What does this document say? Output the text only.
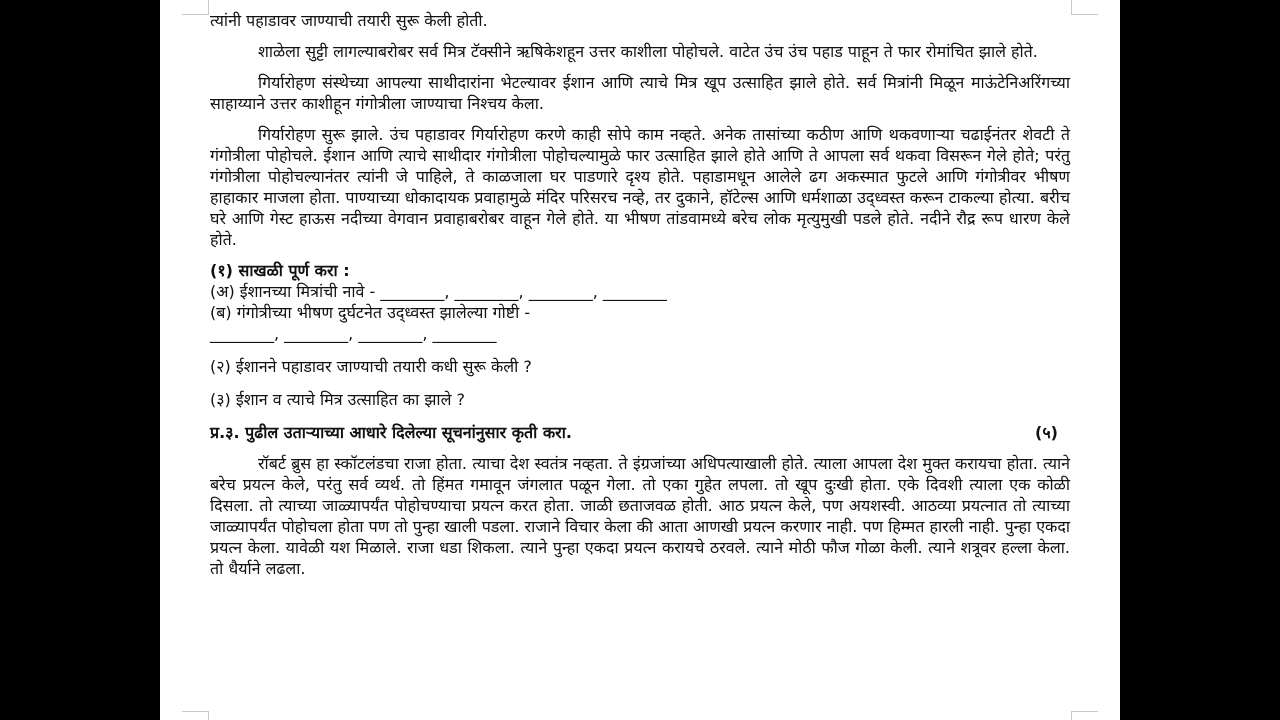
त्यांनी पहाडावर जाण्याची तयारी सुरू केली होती.

शाळेला सुट्टी लागल्याबरोबर सर्व मित्र टॅक्सीने ऋषिकेशहून उत्तर काशीला पोहोचले. वाटेत उंच उंच पहाड पाहून ते फार रोमांचित झाले होते.

गिर्यारोहण संस्थेच्या आपल्या साथीदारांना भेटल्यावर ईशान आणि त्याचे मित्र खूप उत्साहित झाले होते. सर्व मित्रांनी मिळून माऊंटेनिअरिंगच्या साहाय्याने उत्तर काशीहून गंगोत्रीला जाण्याचा निश्चय केला.

गिर्यारोहण सुरू झाले. उंच पहाडावर गिर्यारोहण करणे काही सोपे काम नव्हते. अनेक तासांच्या कठीण आणि थकवणाऱ्या चढाईनंतर शेवटी ते गंगोत्रीला पोहोचले. ईशान आणि त्याचे साथीदार गंगोत्रीला पोहोचल्यामुळे फार उत्साहित झाले होते आणि ते आपला सर्व थकवा विसरून गेले होते; परंतु गंगोत्रीला पोहोचल्यानंतर त्यांनी जे पाहिले, ते काळजाला घर पाडणारे दृश्य होते. पहाडामधून आलेले ढग अकस्मात फुटले आणि गंगोत्रीवर भीषण हाहाकार माजला होता. पाण्याच्या धोकादायक प्रवाहामुळे मंदिर परिसरच नव्हे, तर दुकाने, हॉटेल्स आणि धर्मशाळा उद्ध्वस्त करून टाकल्या होत्या. बरीच घरे आणि गेस्ट हाऊस नदीच्या वेगवान प्रवाहाबरोबर वाहून गेले होते. या भीषण तांडवामध्ये बरेच लोक मृत्युमुखी पडले होते. नदीने रौद्र रूप धारण केले होते.

(१) साखळी पूर्ण करा :

(अ) ईशानच्या मित्रांची नावे - ________, ________, ________, ________

(ब) गंगोत्रीच्या भीषण दुर्घटनेत उद्ध्वस्त झालेल्या गोष्टी -

________, ________, ________, ________

(२) ईशानने पहाडावर जाण्याची तयारी कधी सुरू केली ?

(३) ईशान व त्याचे मित्र उत्साहित का झाले ?

प्र.३. पुढील उताऱ्याच्या आधारे दिलेल्या सूचनांनुसार कृती करा.	(५)

रॉबर्ट ब्रुस हा स्कॉटलंडचा राजा होता. त्याचा देश स्वतंत्र नव्हता. ते इंग्रजांच्या अधिपत्याखाली होते. त्याला आपला देश मुक्त करायचा होता. त्याने बरेच प्रयत्न केले, परंतु सर्व व्यर्थ. तो हिंमत गमावून जंगलात पळून गेला. तो एका गुहेत लपला. तो खूप दुःखी होता. एके दिवशी त्याला एक कोळी दिसला. तो त्याच्या जाळ्यापर्यंत पोहोचण्याचा प्रयत्न करत होता. जाळी छताजवळ होती. आठ प्रयत्न केले, पण अयशस्वी. आठव्या प्रयत्नात तो त्याच्या जाळ्यापर्यंत पोहोचला होता पण तो पुन्हा खाली पडला. राजाने विचार केला की आता आणखी प्रयत्न करणार नाही. पण हिम्मत हारली नाही. पुन्हा एकदा प्रयत्न केला. यावेळी यश मिळाले. राजा धडा शिकला. त्याने पुन्हा एकदा प्रयत्न करायचे ठरवले. त्याने मोठी फौज गोळा केली. त्याने शत्रूवर हल्ला केला. तो धैर्याने लढला.
